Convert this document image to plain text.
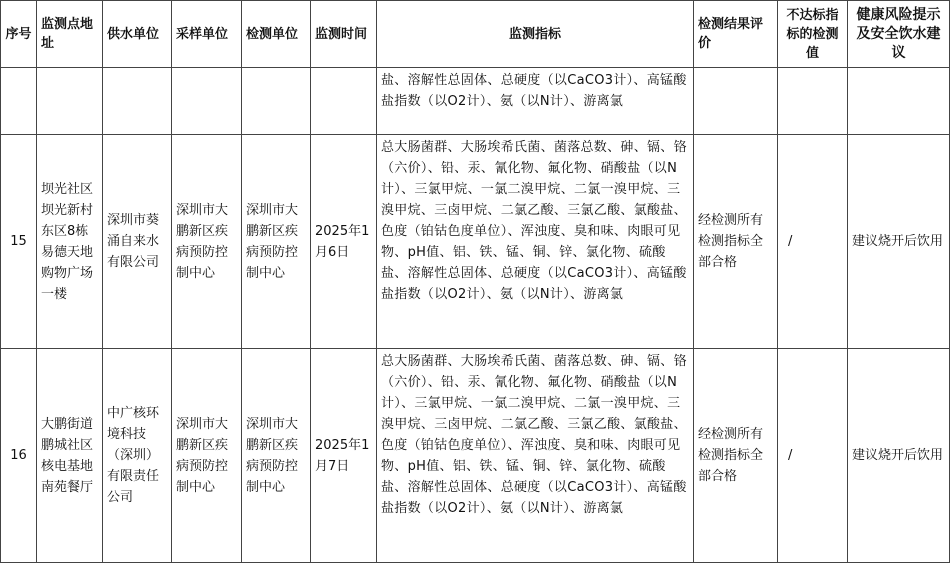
序号	监测点地址	供水单位	采样单位	检测单位	监测时间	监测指标	检测结果评价	不达标指标的检测值	健康风险提示及安全饮水建议
						盐、溶解性总固体、总硬度（以CaCO3计）、高锰酸盐指数（以O2计）、氨（以N计）、游离氯			
15	坝光社区坝光新村东区8栋易德天地购物广场一楼	深圳市葵涌自来水有限公司	深圳市大鹏新区疾病预防控制中心	深圳市大鹏新区疾病预防控制中心	2025年1月6日	总大肠菌群、大肠埃希氏菌、菌落总数、砷、镉、铬（六价）、铅、汞、氰化物、氟化物、硝酸盐（以N计）、三氯甲烷、一氯二溴甲烷、二氯一溴甲烷、三溴甲烷、三卤甲烷、二氯乙酸、三氯乙酸、氯酸盐、色度（铂钴色度单位）、浑浊度、臭和味、肉眼可见物、pH值、铝、铁、锰、铜、锌、氯化物、硫酸盐、溶解性总固体、总硬度（以CaCO3计）、高锰酸盐指数（以O2计）、氨（以N计）、游离氯	经检测所有检测指标全部合格	/	建议烧开后饮用
16	大鹏街道鹏城社区核电基地南苑餐厅	中广核环境科技（深圳）有限责任公司	深圳市大鹏新区疾病预防控制中心	深圳市大鹏新区疾病预防控制中心	2025年1月7日	总大肠菌群、大肠埃希氏菌、菌落总数、砷、镉、铬（六价）、铅、汞、氰化物、氟化物、硝酸盐（以N计）、三氯甲烷、一氯二溴甲烷、二氯一溴甲烷、三溴甲烷、三卤甲烷、二氯乙酸、三氯乙酸、氯酸盐、色度（铂钴色度单位）、浑浊度、臭和味、肉眼可见物、pH值、铝、铁、锰、铜、锌、氯化物、硫酸盐、溶解性总固体、总硬度（以CaCO3计）、高锰酸盐指数（以O2计）、氨（以N计）、游离氯	经检测所有检测指标全部合格	/	建议烧开后饮用
